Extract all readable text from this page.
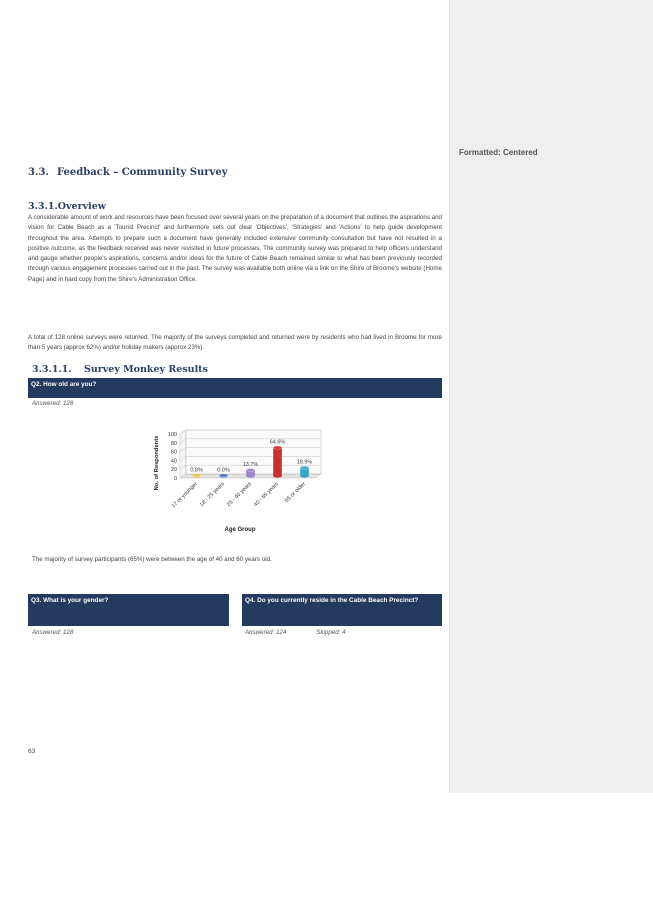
Formatted: Centered
3.3. Feedback – Community Survey
3.3.1.Overview

A considerable amount of work and resources have been focused over several years on the preparation of a document that outlines the aspirations and vision for Cable Beach as a 'Tourist Precinct' and furthermore sets out clear 'Objectives', 'Strategies' and 'Actions' to help guide development throughout the area. Attempts to prepare such a document have generally included extensive community consultation but have not resulted in a positive outcome, as the feedback received was never revisited in future processes. The community survey was prepared to help officers understand and gauge whether people's aspirations, concerns and/or ideas for the future of Cable Beach remained similar to what has been previously recorded through various engagement processes carried out in the past. The survey was available both online via a link on the Shire of Broome's website (Home Page) and in hard copy from the Shire's Administration Office.

A total of 128 online surveys were returned. The majority of the surveys completed and returned were by residents who had lived in Broome for more than 5 years (approx 62%) and/or holiday makers (approx 23%).

3.3.1.1. Survey Monkey Results
Q2. How old are you?
Answered: 128
0
20
40
60
80
100
17 or younger 18 - 25 years 25 - 40 years 40 - 65 years 65 or older
0.8%	0.0%
13.7%
64.6%
18.9%
No. of Respondents
Age Group
The majority of survey participants (65%) were between the age of 40 and 60 years old.
Q3. What is your gender?
Answered: 128
Q4. Do you currently reside in the Cable Beach Precinct?
Answered: 124	Skipped: 4
63
